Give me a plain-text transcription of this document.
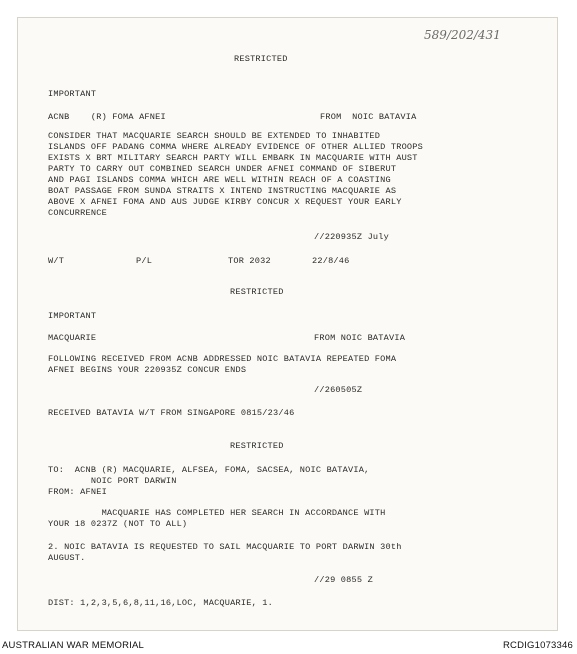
589/202/431
RESTRICTED
IMPORTANT
ACNB    (R) FOMA AFNEI	FROM  NOIC BATAVIA
CONSIDER THAT MACQUARIE SEARCH SHOULD BE EXTENDED TO INHABITED
ISLANDS OFF PADANG COMMA WHERE ALREADY EVIDENCE OF OTHER ALLIED TROOPS
EXISTS X BRT MILITARY SEARCH PARTY WILL EMBARK IN MACQUARIE WITH AUST
PARTY TO CARRY OUT COMBINED SEARCH UNDER AFNEI COMMAND OF SIBERUT
AND PAGI ISLANDS COMMA WHICH ARE WELL WITHIN REACH OF A COASTING
BOAT PASSAGE FROM SUNDA STRAITS X INTEND INSTRUCTING MACQUARIE AS
ABOVE X AFNEI FOMA AND AUS JUDGE KIRBY CONCUR X REQUEST YOUR EARLY
CONCURRENCE
//220935Z July
W/T	P/L	TOR 2032	22/8/46
RESTRICTED
IMPORTANT
MACQUARIE	FROM NOIC BATAVIA
FOLLOWING RECEIVED FROM ACNB ADDRESSED NOIC BATAVIA REPEATED FOMA
AFNEI BEGINS YOUR 220935Z CONCUR ENDS
//260505Z
RECEIVED BATAVIA W/T FROM SINGAPORE 0815/23/46
RESTRICTED
TO:  ACNB (R) MACQUARIE, ALFSEA, FOMA, SACSEA, NOIC BATAVIA,
NOIC PORT DARWIN
FROM: AFNEI
MACQUARIE HAS COMPLETED HER SEARCH IN ACCORDANCE WITH
YOUR 18 0237Z (NOT TO ALL)
2. NOIC BATAVIA IS REQUESTED TO SAIL MACQUARIE TO PORT DARWIN 30th
AUGUST.
//29 0855 Z
DIST: 1,2,3,5,6,8,11,16,LOC, MACQUARIE, 1.
AUSTRALIAN WAR MEMORIAL	RCDIG1073346
